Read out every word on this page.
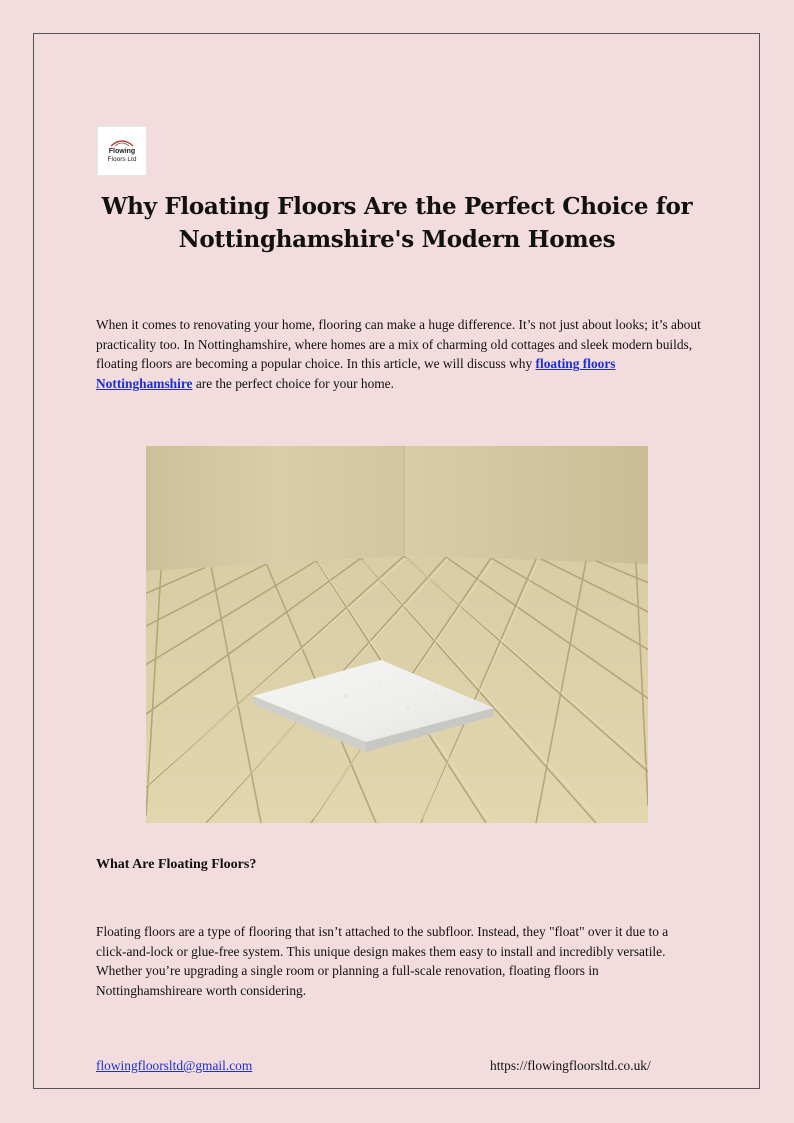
Flowing
Floors Ltd
Why Floating Floors Are the Perfect Choice for Nottinghamshire's Modern Homes

When it comes to renovating your home, flooring can make a huge difference. It’s not just about looks; it’s about practicality too. In Nottinghamshire, where homes are a mix of charming old cottages and sleek modern builds, floating floors are becoming a popular choice. In this article, we will discuss why floating floors Nottinghamshire are the perfect choice for your home.

What Are Floating Floors?

Floating floors are a type of flooring that isn’t attached to the subfloor. Instead, they "float" over it due to a click-and-lock or glue-free system. This unique design makes them easy to install and incredibly versatile. Whether you’re upgrading a single room or planning a full-scale renovation, floating floors in Nottinghamshireare worth considering.

flowingfloorsltd@gmail.com	https://flowingfloorsltd.co.uk/
